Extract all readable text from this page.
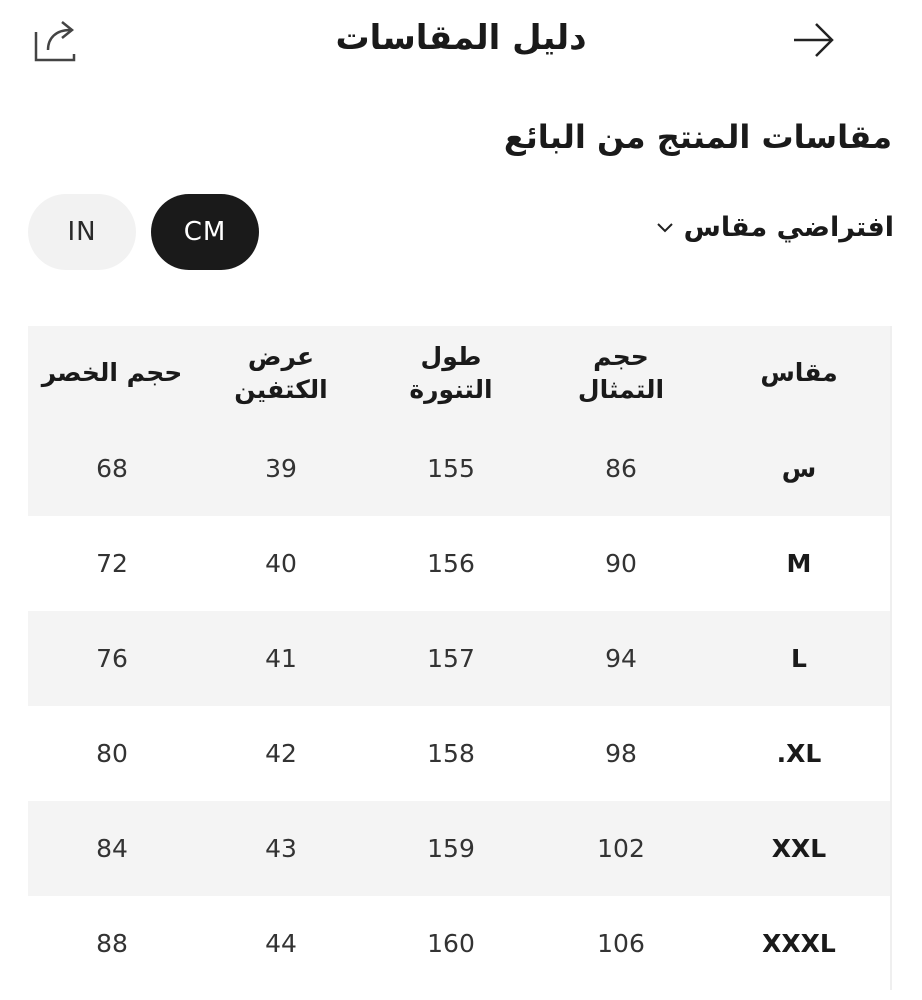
دليل المقاسات
مقاسات المنتج من البائع
IN	CM	افتراضي مقاس
مقاس
حجم
التمثال
طول
التنورة
عرض
الكتفين
حجم الخصر
س
86
155
39
68
M
90
156
40
72
L
94
157
41
76
.XL
98
158
42
80
XXL
102
159
43
84
XXXL
106
160
44
88
